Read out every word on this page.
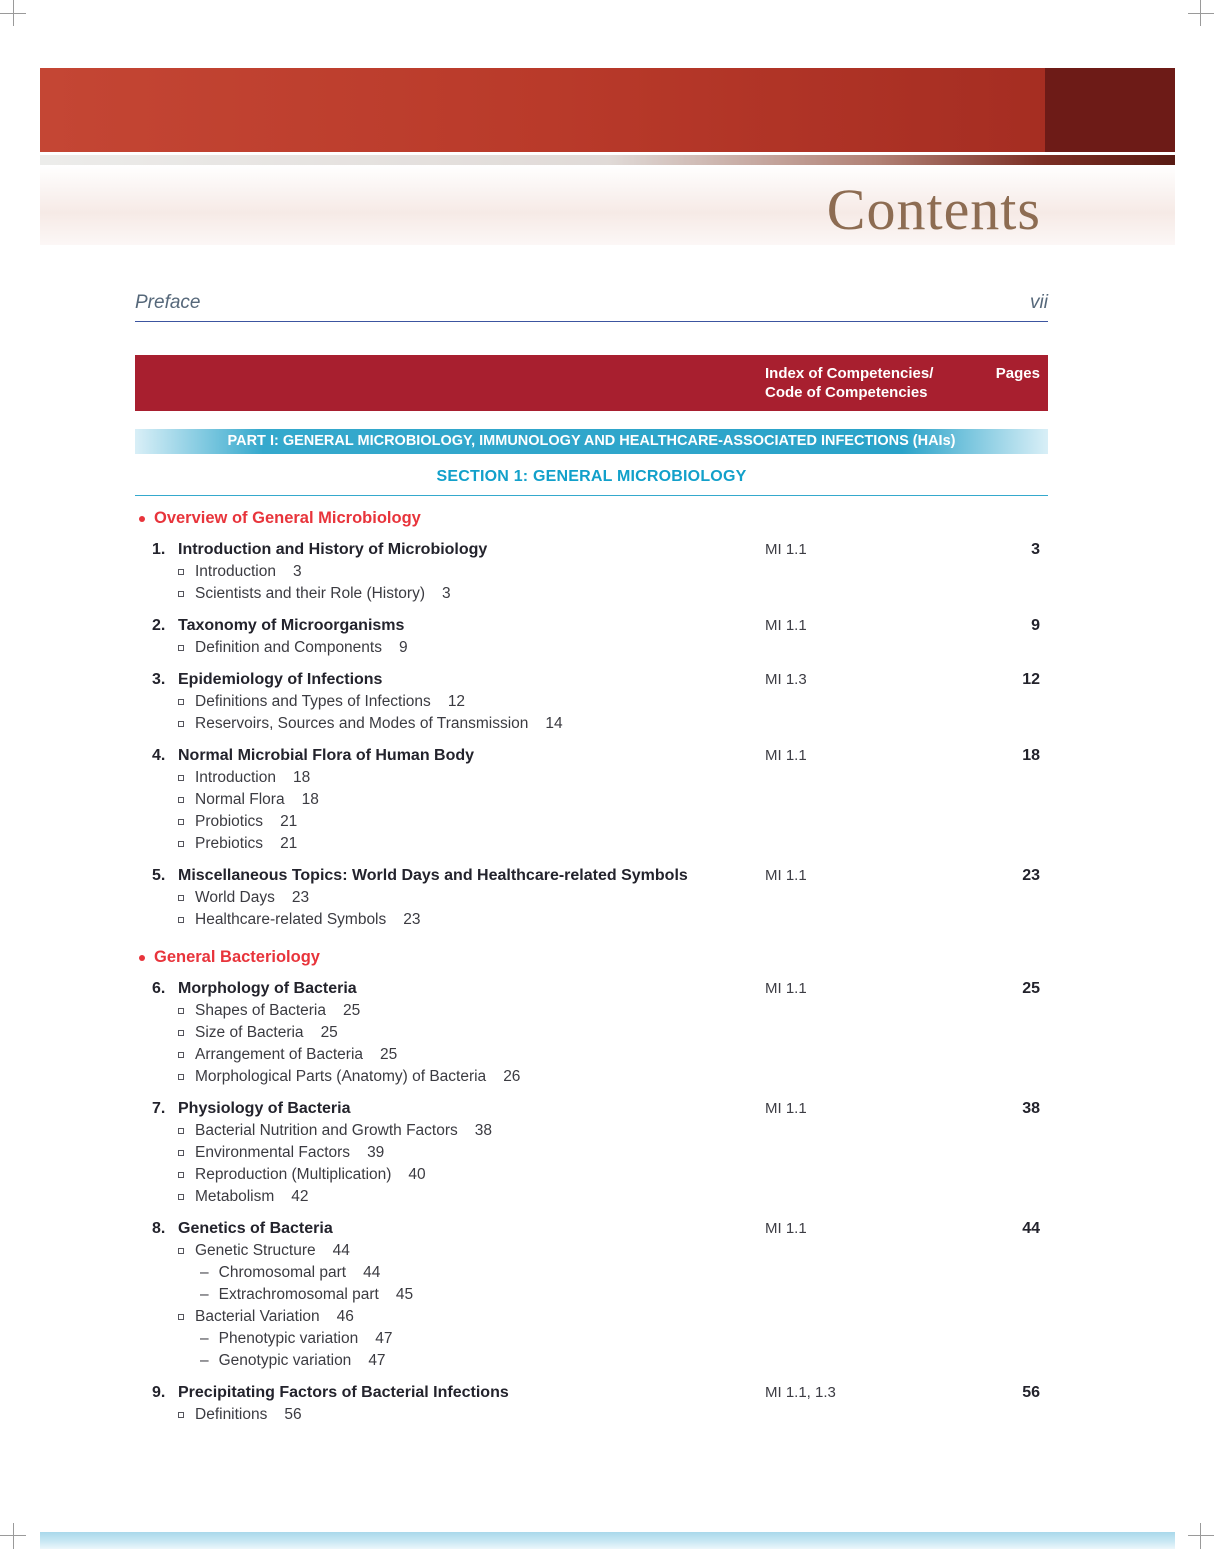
Contents
Preface	vii
Index of Competencies/
Code of Competencies
Pages
PART I: GENERAL MICROBIOLOGY, IMMUNOLOGY AND HEALTHCARE-ASSOCIATED INFECTIONS (HAIs)
SECTION 1: GENERAL MICROBIOLOGY
Overview of General Microbiology
1. Introduction and History of Microbiology	MI 1.1	3
Introduction 3
Scientists and their Role (History) 3
2. Taxonomy of Microorganisms	MI 1.1	9
Definition and Components 9
3. Epidemiology of Infections	MI 1.3	12
Definitions and Types of Infections 12
Reservoirs, Sources and Modes of Transmission 14
4. Normal Microbial Flora of Human Body	MI 1.1	18
Introduction 18
Normal Flora 18
Probiotics 21
Prebiotics 21
5. Miscellaneous Topics: World Days and Healthcare-related Symbols	MI 1.1	23
World Days 23
Healthcare-related Symbols 23
General Bacteriology
6. Morphology of Bacteria	MI 1.1	25
Shapes of Bacteria 25
Size of Bacteria 25
Arrangement of Bacteria 25
Morphological Parts (Anatomy) of Bacteria 26
7. Physiology of Bacteria	MI 1.1	38
Bacterial Nutrition and Growth Factors 38
Environmental Factors 39
Reproduction (Multiplication) 40
Metabolism 42
8. Genetics of Bacteria	MI 1.1	44
Genetic Structure 44
– Chromosomal part 44
– Extrachromosomal part 45
Bacterial Variation 46
– Phenotypic variation 47
– Genotypic variation 47
9. Precipitating Factors of Bacterial Infections	MI 1.1, 1.3	56
Definitions 56
